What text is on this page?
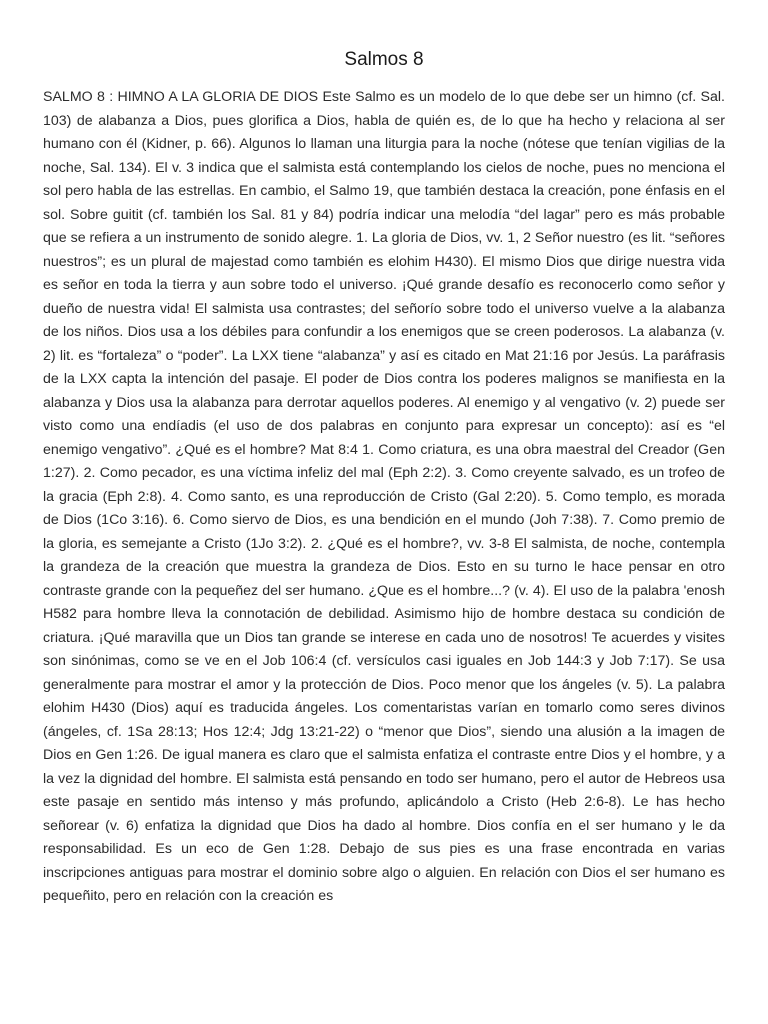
Salmos 8

SALMO 8 : HIMNO A LA GLORIA DE DIOS Este Salmo es un modelo de lo que debe ser un himno (cf. Sal. 103) de alabanza a Dios, pues glorifica a Dios, habla de quién es, de lo que ha hecho y relaciona al ser humano con él (Kidner, p. 66). Algunos lo llaman una liturgia para la noche (nótese que tenían vigilias de la noche, Sal. 134). El v. 3 indica que el salmista está contemplando los cielos de noche, pues no menciona el sol pero habla de las estrellas. En cambio, el Salmo 19, que también destaca la creación, pone énfasis en el sol. Sobre guitit (cf. también los Sal. 81 y 84) podría indicar una melodía “del lagar” pero es más probable que se refiera a un instrumento de sonido alegre. 1. La gloria de Dios, vv. 1, 2 Señor nuestro (es lit. “señores nuestros”; es un plural de majestad como también es elohim H430). El mismo Dios que dirige nuestra vida es señor en toda la tierra y aun sobre todo el universo. ¡Qué grande desafío es reconocerlo como señor y dueño de nuestra vida! El salmista usa contrastes; del señorío sobre todo el universo vuelve a la alabanza de los niños. Dios usa a los débiles para confundir a los enemigos que se creen poderosos. La alabanza (v. 2) lit. es “fortaleza” o “poder”. La LXX tiene “alabanza” y así es citado en Mat 21:16 por Jesús. La paráfrasis de la LXX capta la intención del pasaje. El poder de Dios contra los poderes malignos se manifiesta en la alabanza y Dios usa la alabanza para derrotar aquellos poderes. Al enemigo y al vengativo (v. 2) puede ser visto como una endíadis (el uso de dos palabras en conjunto para expresar un concepto): así es “el enemigo vengativo”. ¿Qué es el hombre? Mat 8:4 1. Como criatura, es una obra maestral del Creador (Gen 1:27). 2. Como pecador, es una víctima infeliz del mal (Eph 2:2). 3. Como creyente salvado, es un trofeo de la gracia (Eph 2:8). 4. Como santo, es una reproducción de Cristo (Gal 2:20). 5. Como templo, es morada de Dios (1Co 3:16). 6. Como siervo de Dios, es una bendición en el mundo (Joh 7:38). 7. Como premio de la gloria, es semejante a Cristo (1Jo 3:2). 2. ¿Qué es el hombre?, vv. 3-8 El salmista, de noche, contempla la grandeza de la creación que muestra la grandeza de Dios. Esto en su turno le hace pensar en otro contraste grande con la pequeñez del ser humano. ¿Que es el hombre...? (v. 4). El uso de la palabra 'enosh H582 para hombre lleva la connotación de debilidad. Asimismo hijo de hombre destaca su condición de criatura. ¡Qué maravilla que un Dios tan grande se interese en cada uno de nosotros! Te acuerdes y visites son sinónimas, como se ve en el Job 106:4 (cf. versículos casi iguales en Job 144:3 y Job 7:17). Se usa generalmente para mostrar el amor y la protección de Dios. Poco menor que los ángeles (v. 5). La palabra elohim H430 (Dios) aquí es traducida ángeles. Los comentaristas varían en tomarlo como seres divinos (ángeles, cf. 1Sa 28:13; Hos 12:4; Jdg 13:21-22) o “menor que Dios”, siendo una alusión a la imagen de Dios en Gen 1:26. De igual manera es claro que el salmista enfatiza el contraste entre Dios y el hombre, y a la vez la dignidad del hombre. El salmista está pensando en todo ser humano, pero el autor de Hebreos usa este pasaje en sentido más intenso y más profundo, aplicándolo a Cristo (Heb 2:6-8). Le has hecho señorear (v. 6) enfatiza la dignidad que Dios ha dado al hombre. Dios confía en el ser humano y le da responsabilidad. Es un eco de Gen 1:28. Debajo de sus pies es una frase encontrada en varias inscripciones antiguas para mostrar el dominio sobre algo o alguien. En relación con Dios el ser humano es pequeñito, pero en relación con la creación es
